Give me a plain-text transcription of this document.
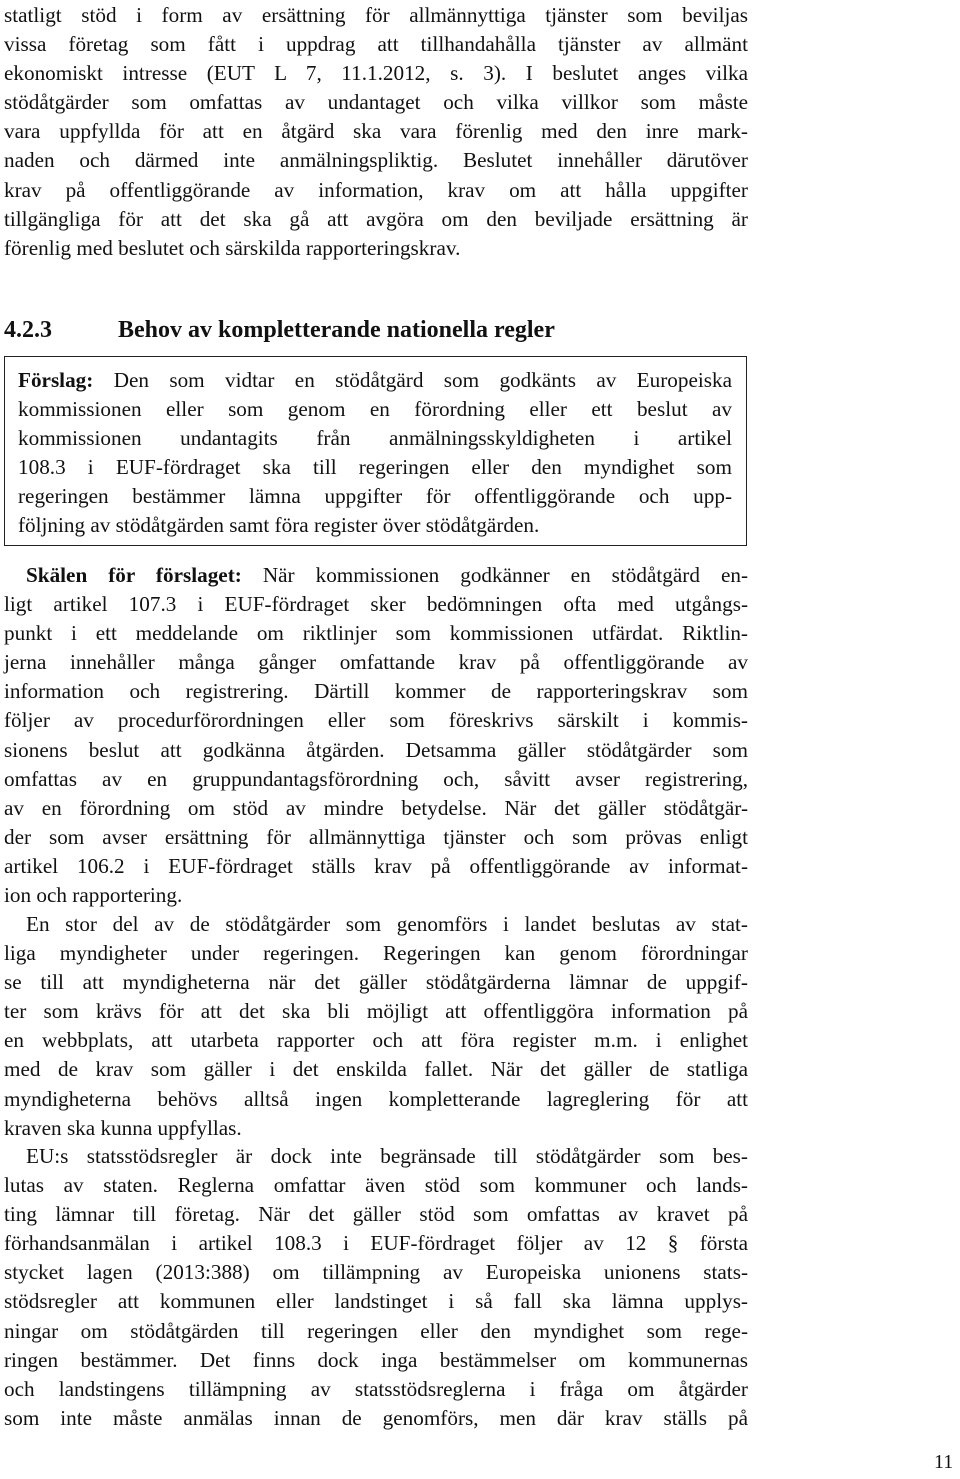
statligt stöd i form av ersättning för allmännyttiga tjänster som beviljas
vissa företag som fått i uppdrag att tillhandahålla tjänster av allmänt
ekonomiskt intresse (EUT L 7, 11.1.2012, s. 3). I beslutet anges vilka
stödåtgärder som omfattas av undantaget och vilka villkor som måste
vara uppfyllda för att en åtgärd ska vara förenlig med den inre mark-
naden och därmed inte anmälningspliktig. Beslutet innehåller därutöver
krav på offentliggörande av information, krav om att hålla uppgifter
tillgängliga för att det ska gå att avgöra om den beviljade ersättning är
förenlig med beslutet och särskilda rapporteringskrav.
4.2.3	Behov av kompletterande nationella regler
Förslag: Den som vidtar en stödåtgärd som godkänts av Europeiska
kommissionen eller som genom en förordning eller ett beslut av
kommissionen undantagits från anmälningsskyldigheten i artikel
108.3 i EUF-fördraget ska till regeringen eller den myndighet som
regeringen bestämmer lämna uppgifter för offentliggörande och upp-
följning av stödåtgärden samt föra register över stödåtgärden.
Skälen för förslaget: När kommissionen godkänner en stödåtgärd en-
ligt artikel 107.3 i EUF-fördraget sker bedömningen ofta med utgångs-
punkt i ett meddelande om riktlinjer som kommissionen utfärdat. Riktlin-
jerna innehåller många gånger omfattande krav på offentliggörande av
information och registrering. Därtill kommer de rapporteringskrav som
följer av procedurförordningen eller som föreskrivs särskilt i kommis-
sionens beslut att godkänna åtgärden. Detsamma gäller stödåtgärder som
omfattas av en gruppundantagsförordning och, såvitt avser registrering,
av en förordning om stöd av mindre betydelse. När det gäller stödåtgär-
der som avser ersättning för allmännyttiga tjänster och som prövas enligt
artikel 106.2 i EUF-fördraget ställs krav på offentliggörande av informat-
ion och rapportering.
En stor del av de stödåtgärder som genomförs i landet beslutas av stat-
liga myndigheter under regeringen. Regeringen kan genom förordningar
se till att myndigheterna när det gäller stödåtgärderna lämnar de uppgif-
ter som krävs för att det ska bli möjligt att offentliggöra information på
en webbplats, att utarbeta rapporter och att föra register m.m. i enlighet
med de krav som gäller i det enskilda fallet. När det gäller de statliga
myndigheterna behövs alltså ingen kompletterande lagreglering för att
kraven ska kunna uppfyllas.
EU:s statsstödsregler är dock inte begränsade till stödåtgärder som bes-
lutas av staten. Reglerna omfattar även stöd som kommuner och lands-
ting lämnar till företag. När det gäller stöd som omfattas av kravet på
förhandsanmälan i artikel 108.3 i EUF-fördraget följer av 12 § första
stycket lagen (2013:388) om tillämpning av Europeiska unionens stats-
stödsregler att kommunen eller landstinget i så fall ska lämna upplys-
ningar om stödåtgärden till regeringen eller den myndighet som rege-
ringen bestämmer. Det finns dock inga bestämmelser om kommunernas
och landstingens tillämpning av statsstödsreglerna i fråga om åtgärder
som inte måste anmälas innan de genomförs, men där krav ställs på
11
